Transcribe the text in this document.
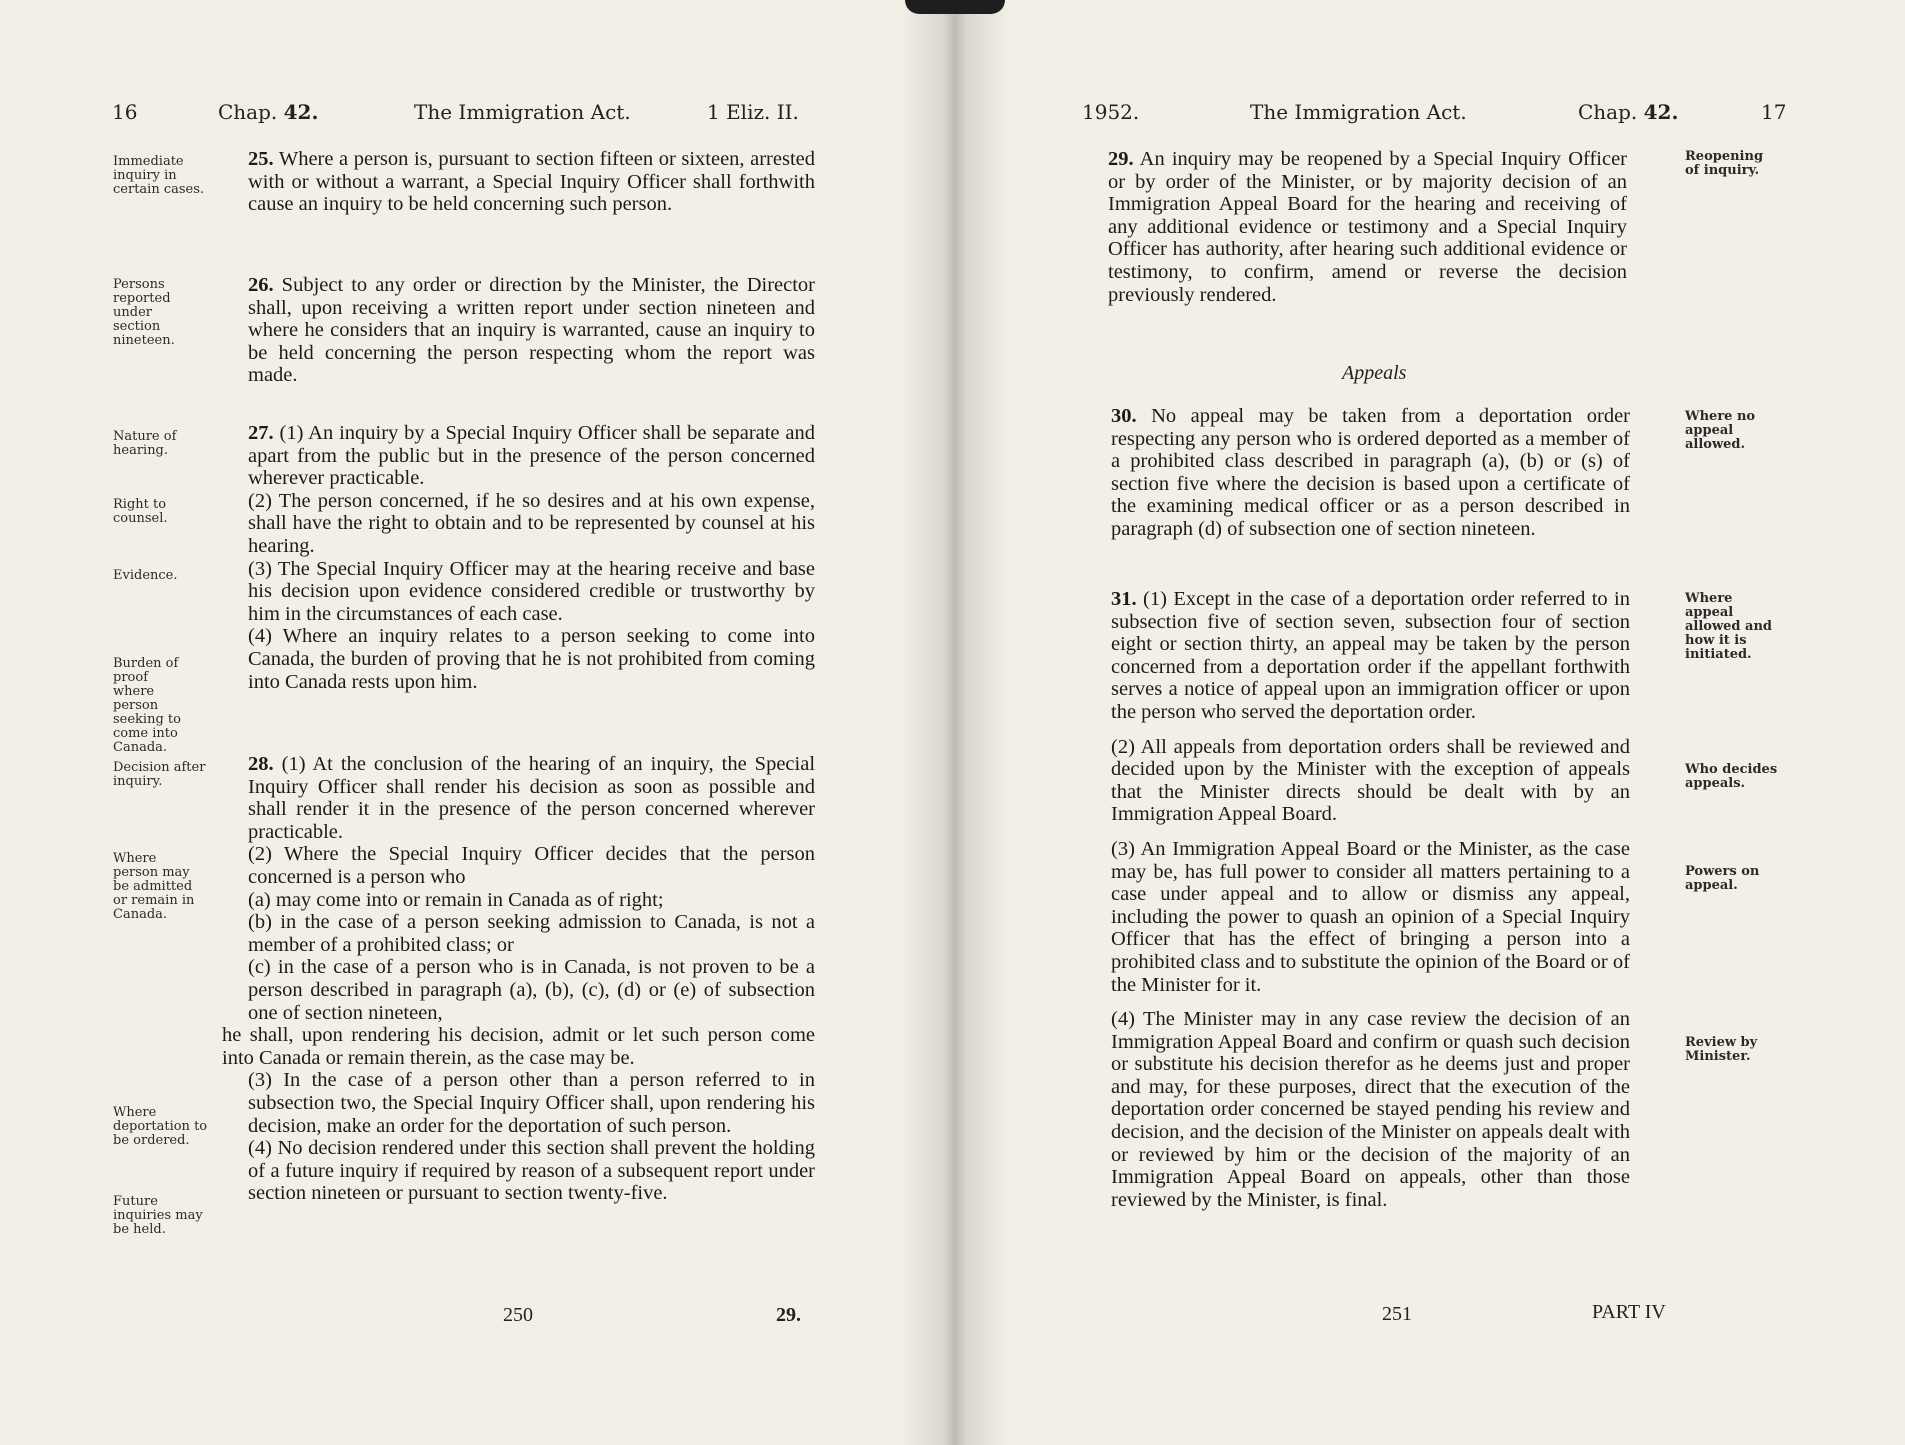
16	Chap. 42.	The Immigration Act.	1 Eliz. II.
Immediate inquiry in certain cases.
Persons reported under section nineteen.
Nature of hearing.
Right to counsel.
Evidence.
Burden of proof where person seeking to come into Canada.
Decision after inquiry.
Where person may be admitted or remain in Canada.
Where deportation to be ordered.
Future inquiries may be held.

25. Where a person is, pursuant to section fifteen or sixteen, arrested with or without a warrant, a Special Inquiry Officer shall forthwith cause an inquiry to be held concerning such person.

26. Subject to any order or direction by the Minister, the Director shall, upon receiving a written report under section nineteen and where he considers that an inquiry is warranted, cause an inquiry to be held concerning the person respecting whom the report was made.

27. (1) An inquiry by a Special Inquiry Officer shall be separate and apart from the public but in the presence of the person concerned wherever practicable.

(2) The person concerned, if he so desires and at his own expense, shall have the right to obtain and to be represented by counsel at his hearing.

(3) The Special Inquiry Officer may at the hearing receive and base his decision upon evidence considered credible or trustworthy by him in the circumstances of each case.

(4) Where an inquiry relates to a person seeking to come into Canada, the burden of proving that he is not prohibited from coming into Canada rests upon him.

28. (1) At the conclusion of the hearing of an inquiry, the Special Inquiry Officer shall render his decision as soon as possible and shall render it in the presence of the person concerned wherever practicable.

(2) Where the Special Inquiry Officer decides that the person concerned is a person who

(a) may come into or remain in Canada as of right;

(b) in the case of a person seeking admission to Canada, is not a member of a prohibited class; or

(c) in the case of a person who is in Canada, is not proven to be a person described in paragraph (a), (b), (c), (d) or (e) of subsection one of section nineteen,

he shall, upon rendering his decision, admit or let such person come into Canada or remain therein, as the case may be.

(3) In the case of a person other than a person referred to in subsection two, the Special Inquiry Officer shall, upon rendering his decision, make an order for the deportation of such person.

(4) No decision rendered under this section shall prevent the holding of a future inquiry if required by reason of a subsequent report under section nineteen or pursuant to section twenty-five.

250	29.
1952.	The Immigration Act.	Chap. 42.	17
Reopening of inquiry.
Where no appeal allowed.
Where appeal allowed and how it is initiated.
Who decides appeals.
Powers on appeal.
Review by Minister.

29. An inquiry may be reopened by a Special Inquiry Officer or by order of the Minister, or by majority decision of an Immigration Appeal Board for the hearing and receiving of any additional evidence or testimony and a Special Inquiry Officer has authority, after hearing such additional evidence or testimony, to confirm, amend or reverse the decision previously rendered.

Appeals

30. No appeal may be taken from a deportation order respecting any person who is ordered deported as a member of a prohibited class described in paragraph (a), (b) or (s) of section five where the decision is based upon a certificate of the examining medical officer or as a person described in paragraph (d) of subsection one of section nineteen.

31. (1) Except in the case of a deportation order referred to in subsection five of section seven, subsection four of section eight or section thirty, an appeal may be taken by the person concerned from a deportation order if the appellant forthwith serves a notice of appeal upon an immigration officer or upon the person who served the deportation order.

(2) All appeals from deportation orders shall be reviewed and decided upon by the Minister with the exception of appeals that the Minister directs should be dealt with by an Immigration Appeal Board.

(3) An Immigration Appeal Board or the Minister, as the case may be, has full power to consider all matters pertaining to a case under appeal and to allow or dismiss any appeal, including the power to quash an opinion of a Special Inquiry Officer that has the effect of bringing a person into a prohibited class and to substitute the opinion of the Board or of the Minister for it.

(4) The Minister may in any case review the decision of an Immigration Appeal Board and confirm or quash such decision or substitute his decision therefor as he deems just and proper and may, for these purposes, direct that the execution of the deportation order concerned be stayed pending his review and decision, and the decision of the Minister on appeals dealt with or reviewed by him or the decision of the majority of an Immigration Appeal Board on appeals, other than those reviewed by the Minister, is final.

251	PART IV
